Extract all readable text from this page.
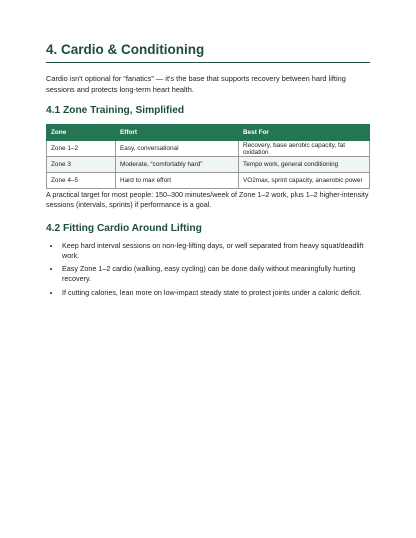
4. Cardio & Conditioning

Cardio isn't optional for “fanatics” — it's the base that supports recovery between hard lifting sessions and protects long-term heart health.

4.1 Zone Training, Simplified
Zone	Effort	Best For
Zone 1–2	Easy, conversational	Recovery, base aerobic capacity, fat oxidation
Zone 3	Moderate, “comfortably hard”	Tempo work, general conditioning
Zone 4–5	Hard to max effort	VO2max, sprint capacity, anaerobic power

A practical target for most people: 150–300 minutes/week of Zone 1–2 work, plus 1–2 higher-intensity sessions (intervals, sprints) if performance is a goal.

4.2 Fitting Cardio Around Lifting
• Keep hard interval sessions on non-leg-lifting days, or well separated from heavy squat/deadlift work.
• Easy Zone 1–2 cardio (walking, easy cycling) can be done daily without meaningfully hurting recovery.
• If cutting calories, lean more on low-impact steady state to protect joints under a caloric deficit.
